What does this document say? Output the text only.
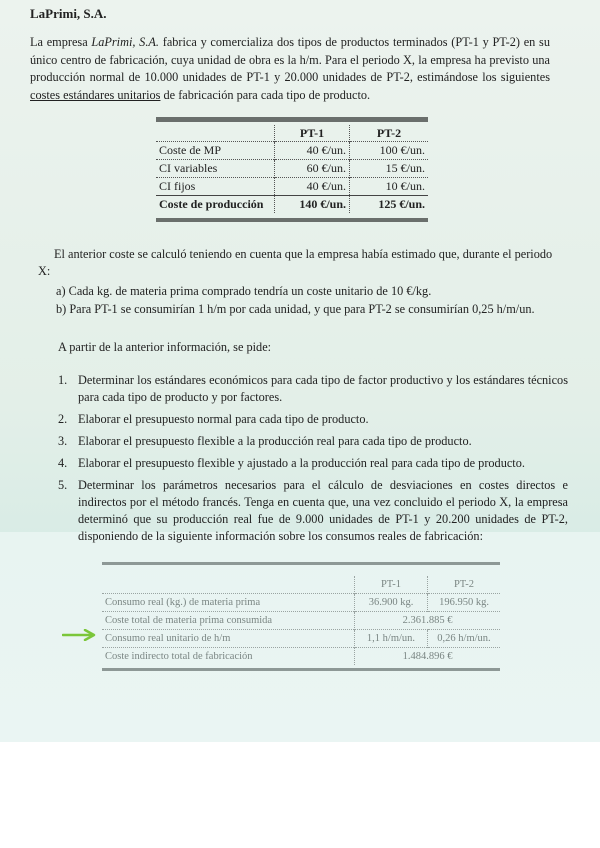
LaPrimi, S.A.
La empresa LaPrimi, S.A. fabrica y comercializa dos tipos de productos terminados (PT-1 y PT-2) en su único centro de fabricación, cuya unidad de obra es la h/m. Para el periodo X, la empresa ha previsto una producción normal de 10.000 unidades de PT-1 y 20.000 unidades de PT-2, estimándose los siguientes costes estándares unitarios de fabricación para cada tipo de producto.
	PT-1	PT-2
Coste de MP	40 €/un.	100 €/un.
CI variables	60 €/un.	15 €/un.
CI fijos	40 €/un.	10 €/un.
Coste de producción	140 €/un.	125 €/un.
El anterior coste se calculó teniendo en cuenta que la empresa había estimado que, durante el periodo X:
a) Cada kg. de materia prima comprado tendría un coste unitario de 10 €/kg.
b) Para PT-1 se consumirían 1 h/m por cada unidad, y que para PT-2 se consumirían 0,25 h/m/un.
A partir de la anterior información, se pide:
1. Determinar los estándares económicos para cada tipo de factor productivo y los estándares técnicos para cada tipo de producto y por factores.
2. Elaborar el presupuesto normal para cada tipo de producto.
3. Elaborar el presupuesto flexible a la producción real para cada tipo de producto.
4. Elaborar el presupuesto flexible y ajustado a la producción real para cada tipo de producto.
5. Determinar los parámetros necesarios para el cálculo de desviaciones en costes directos e indirectos por el método francés. Tenga en cuenta que, una vez concluido el periodo X, la empresa determinó que su producción real fue de 9.000 unidades de PT-1 y 20.200 unidades de PT-2, disponiendo de la siguiente información sobre los consumos reales de fabricación:
	PT-1	PT-2
Consumo real (kg.) de materia prima	36.900 kg.	196.950 kg.
Coste total de materia prima consumida	2.361.885 €	
Consumo real unitario de h/m	1,1 h/m/un.	0,26 h/m/un.
Coste indirecto total de fabricación	1.484.896 €	
